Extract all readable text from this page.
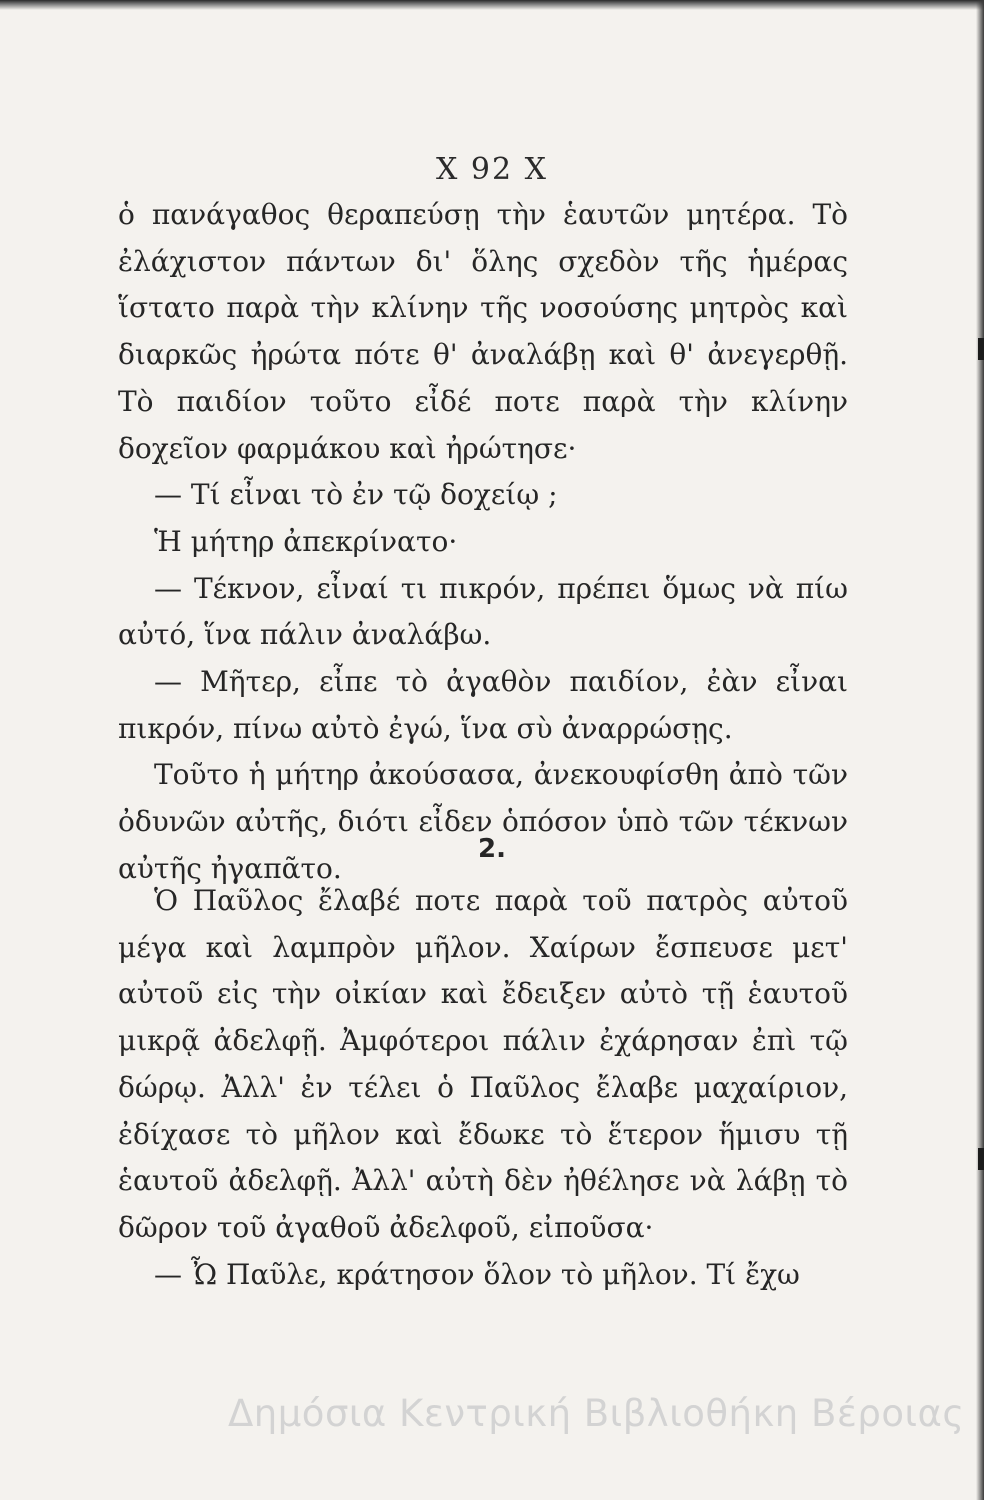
X 92 X

ὁ πανάγαθος θεραπεύσῃ τὴν ἑαυτῶν μητέρα. Τὸ ἐλάχιστον πάντων δι' ὅλης σχεδὸν τῆς ἡμέρας ἵστατο παρὰ τὴν κλίνην τῆς νοσούσης μητρὸς καὶ διαρκῶς ἠρώτα πότε θ' ἀναλάβῃ καὶ θ' ἀνεγερθῇ. Τὸ παιδίον τοῦτο εἶδέ ποτε παρὰ τὴν κλίνην δοχεῖον φαρμάκου καὶ ἠρώτησε·

— Τί εἶναι τὸ ἐν τῷ δοχείῳ ;

Ἡ μήτηρ ἀπεκρίνατο·

— Τέκνον, εἶναί τι πικρόν, πρέπει ὅμως νὰ πίω αὐτό, ἵνα πάλιν ἀναλάβω.

— Μῆτερ, εἶπε τὸ ἀγαθὸν παιδίον, ἐὰν εἶναι πικρόν, πίνω αὐτὸ ἐγώ, ἵνα σὺ ἀναρρώσῃς.

Τοῦτο ἡ μήτηρ ἀκούσασα, ἀνεκουφίσθη ἀπὸ τῶν ὀδυνῶν αὐτῆς, διότι εἶδεν ὁπόσον ὑπὸ τῶν τέκνων αὐτῆς ἠγαπᾶτο.

2.

Ὁ Παῦλος ἔλαβέ ποτε παρὰ τοῦ πατρὸς αὐτοῦ μέγα καὶ λαμπρὸν μῆλον. Χαίρων ἔσπευσε μετ' αὐτοῦ εἰς τὴν οἰκίαν καὶ ἔδειξεν αὐτὸ τῇ ἑαυτοῦ μικρᾷ ἀδελφῇ. Ἀμφότεροι πάλιν ἐχάρησαν ἐπὶ τῷ δώρῳ. Ἀλλ' ἐν τέλει ὁ Παῦλος ἔλαβε μαχαίριον, ἐδίχασε τὸ μῆλον καὶ ἔδωκε τὸ ἕτερον ἥμισυ τῇ ἑαυτοῦ ἀδελφῇ. Ἀλλ' αὐτὴ δὲν ἠθέλησε νὰ λάβῃ τὸ δῶρον τοῦ ἀγαθοῦ ἀδελφοῦ, εἰποῦσα·

— Ὦ Παῦλε, κράτησον ὅλον τὸ μῆλον. Τί ἔχω

Δημόσια Κεντρική Βιβλιοθήκη Βέροιας
